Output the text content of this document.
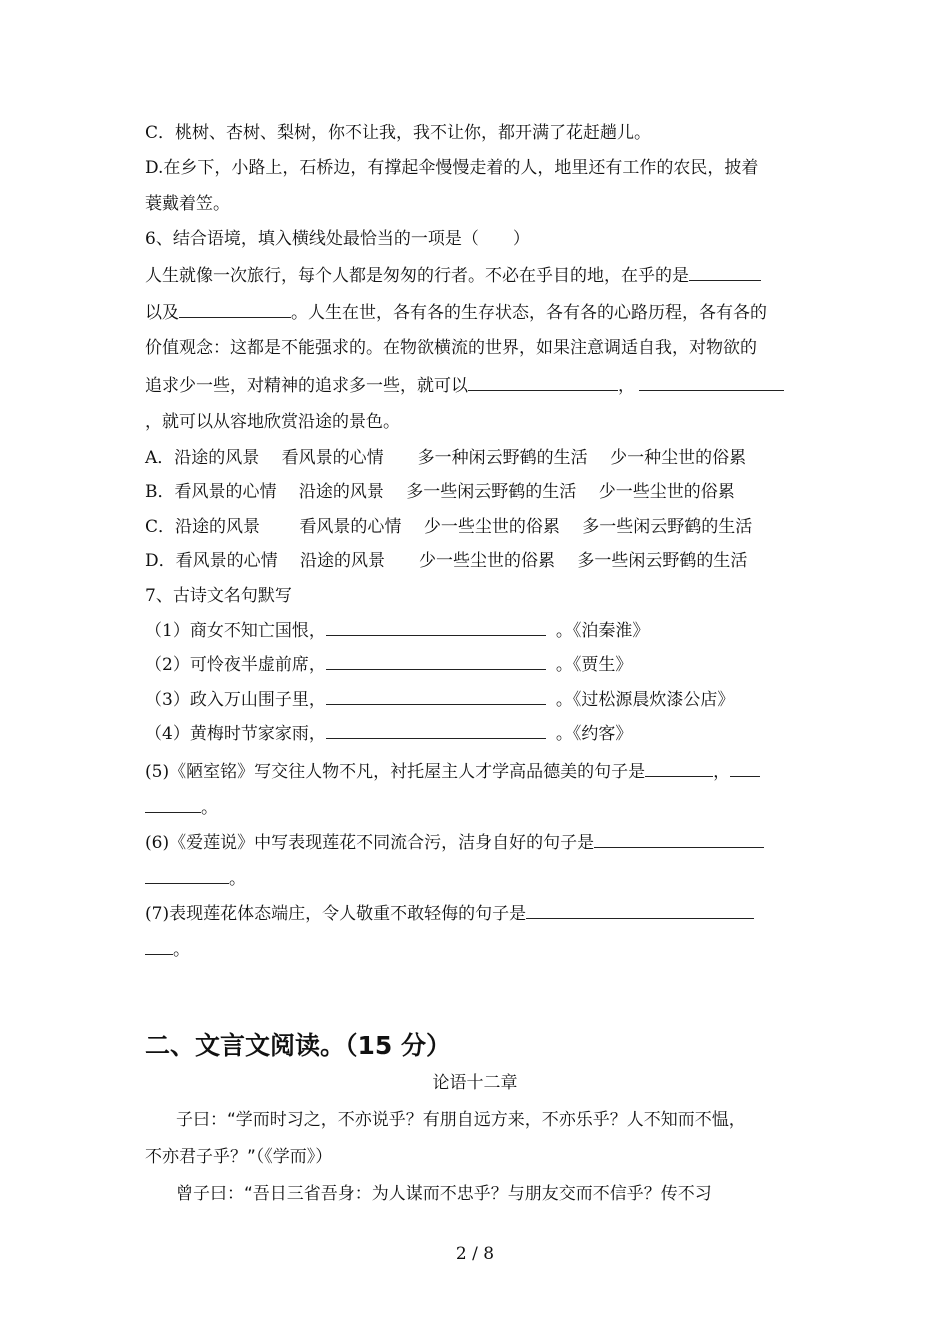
C．桃树、杏树、梨树，你不让我，我不让你，都开满了花赶趟儿。
D.在乡下，小路上，石桥边，有撑起伞慢慢走着的人，地里还有工作的农民，披着
蓑戴着笠。
6、结合语境，填入横线处最恰当的一项是（　　）
人生就像一次旅行，每个人都是匆匆的行者。不必在乎目的地，在乎的是
以及	。人生在世，各有各的生存状态，各有各的心路历程，各有各的
价值观念：这都是不能强求的。在物欲横流的世界，如果注意调适自我，对物欲的
追求少一些，对精神的追求多一些，就可以	，
，就可以从容地欣赏沿途的景色。
A．沿途的风景　 看风景的心情　　多一种闲云野鹤的生活　 少一种尘世的俗累
B．看风景的心情　 沿途的风景　 多一些闲云野鹤的生活　 少一些尘世的俗累
C．沿途的风景　　 看风景的心情　 少一些尘世的俗累　 多一些闲云野鹤的生活
D．看风景的心情　 沿途的风景　　少一些尘世的俗累　 多一些闲云野鹤的生活
7、古诗文名句默写
（1）商女不知亡国恨，	。《泊秦淮》
（2）可怜夜半虚前席，	。《贾生》
（3）政入万山围子里，	。《过松源晨炊漆公店》
（4）黄梅时节家家雨，	。《约客》
(5)《陋室铭》写交往人物不凡，衬托屋主人才学高品德美的句子是	，
。
(6)《爱莲说》中写表现莲花不同流合污，洁身自好的句子是
。
(7)表现莲花体态端庄，令人敬重不敢轻侮的句子是
。
二、文言文阅读。（15 分）
论语十二章
子曰：“学而时习之，不亦说乎？有朋自远方来，不亦乐乎？人不知而不愠，
不亦君子乎？”（《学而》）
曾子曰：“吾日三省吾身：为人谋而不忠乎？与朋友交而不信乎？传不习
2 / 8
